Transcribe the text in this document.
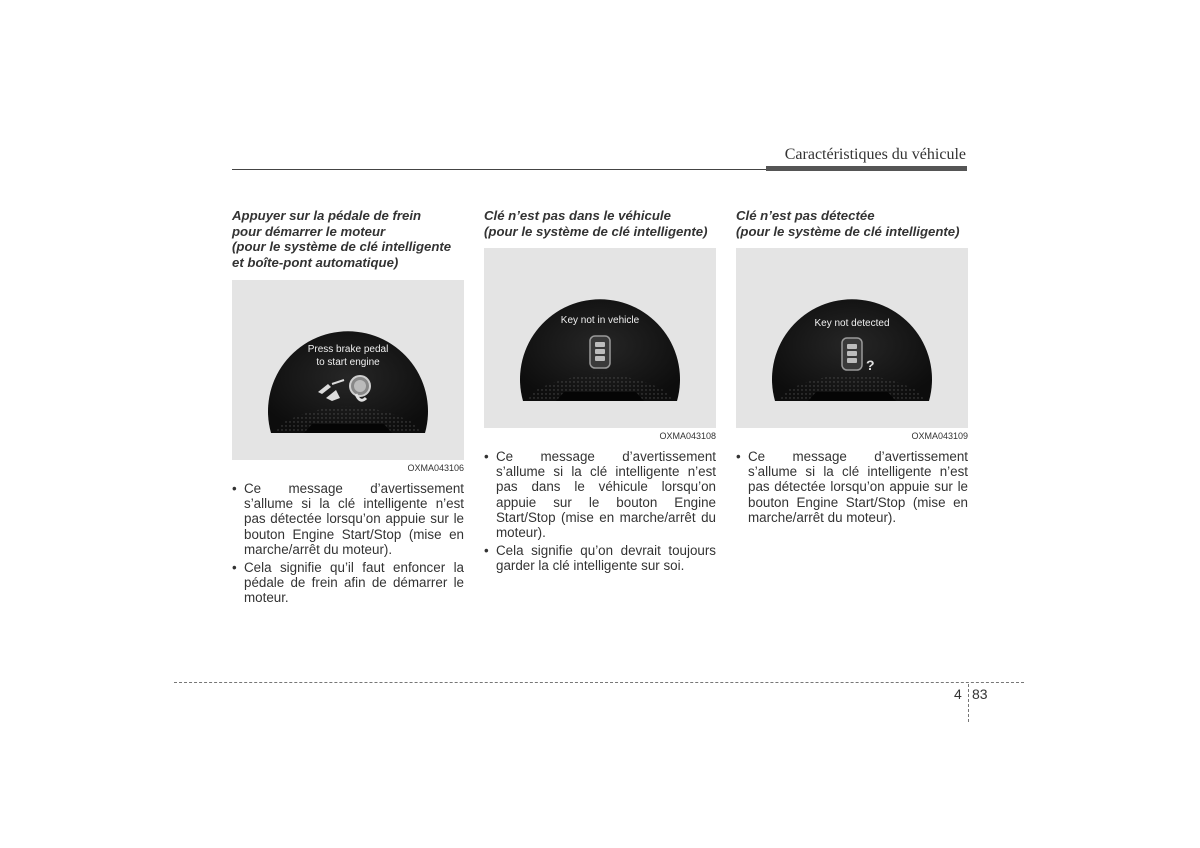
Caractéristiques du véhicule

Appuyer sur la pédale de frein
pour démarrer le moteur
(pour le système de clé intelligente
et boîte-pont automatique)

Press brake pedal
to start engine
OXMA043106
• Ce message d’avertissement s’allume si la clé intelligente n’est pas détectée lorsqu’on appuie sur le bouton Engine Start/Stop (mise en marche/arrêt du moteur).
• Cela signifie qu’il faut enfoncer la pédale de frein afin de démarrer le moteur.

Clé n’est pas dans le véhicule
(pour le système de clé intelligente)

Key not in vehicle
OXMA043108
• Ce message d’avertissement s’allume si la clé intelligente n’est pas dans le véhicule lorsqu’on appuie sur le bouton Engine Start/Stop (mise en marche/arrêt du moteur).
• Cela signifie qu’on devrait toujours garder la clé intelligente sur soi.

Clé n’est pas détectée
(pour le système de clé intelligente)

Key not detected
?
OXMA043109
• Ce message d’avertissement s’allume si la clé intelligente n’est pas détectée lorsqu’on appuie sur le bouton Engine Start/Stop (mise en marche/arrêt du moteur).
4 83
